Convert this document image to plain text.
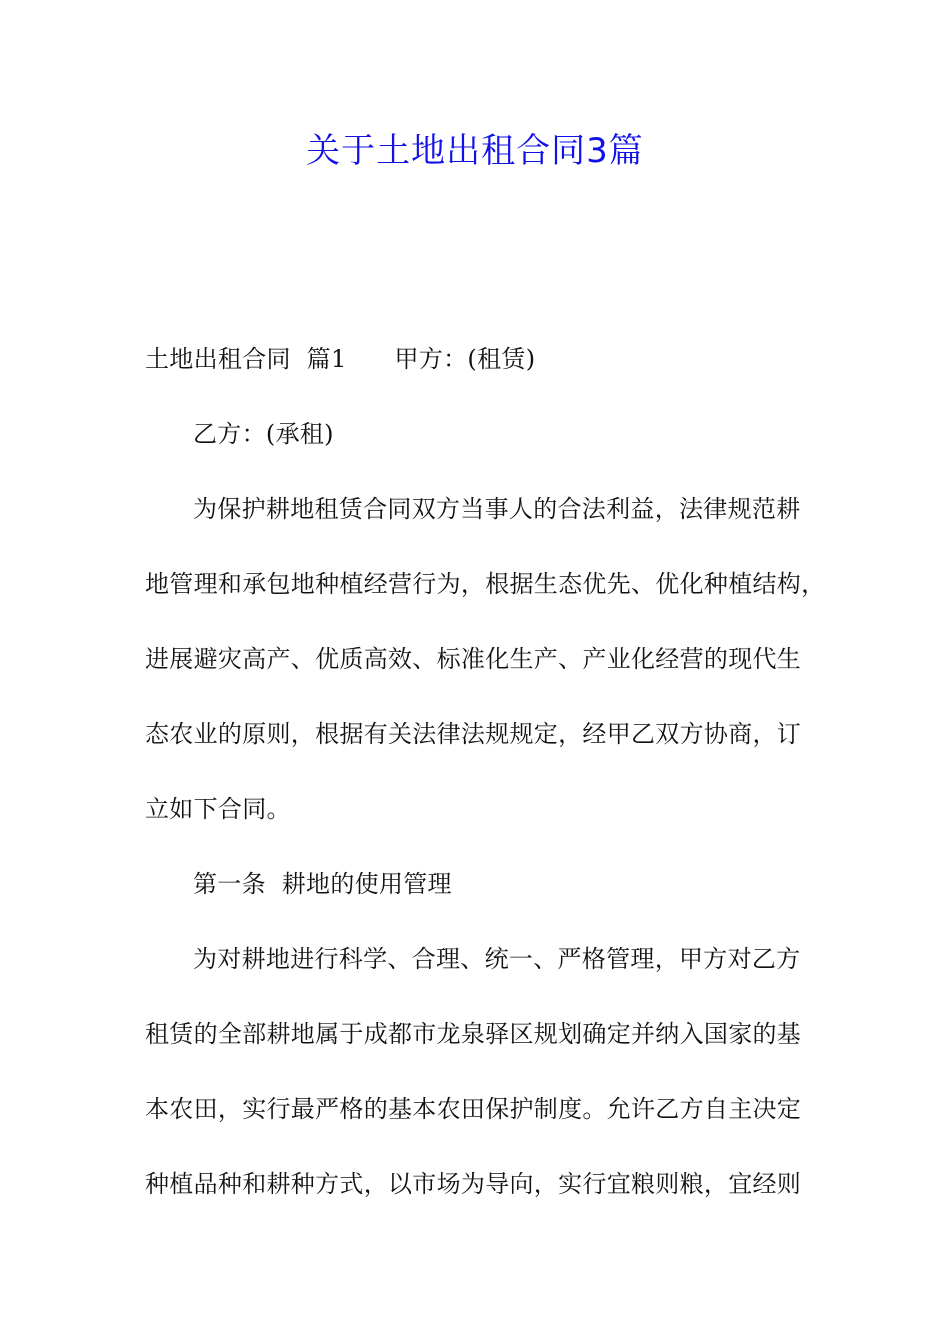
关于土地出租合同3篇
土地出租合同  篇1 甲方：(租赁)
乙方：(承租)
为保护耕地租赁合同双方当事人的合法利益，法律规范耕
地管理和承包地种植经营行为，根据生态优先、优化种植结构，
进展避灾高产、优质高效、标准化生产、产业化经营的现代生
态农业的原则，根据有关法律法规规定，经甲乙双方协商，订
立如下合同。
第一条  耕地的使用管理
为对耕地进行科学、合理、统一、严格管理，甲方对乙方
租赁的全部耕地属于成都市龙泉驿区规划确定并纳入国家的基
本农田，实行最严格的基本农田保护制度。允许乙方自主决定
种植品种和耕种方式，以市场为导向，实行宜粮则粮，宜经则
